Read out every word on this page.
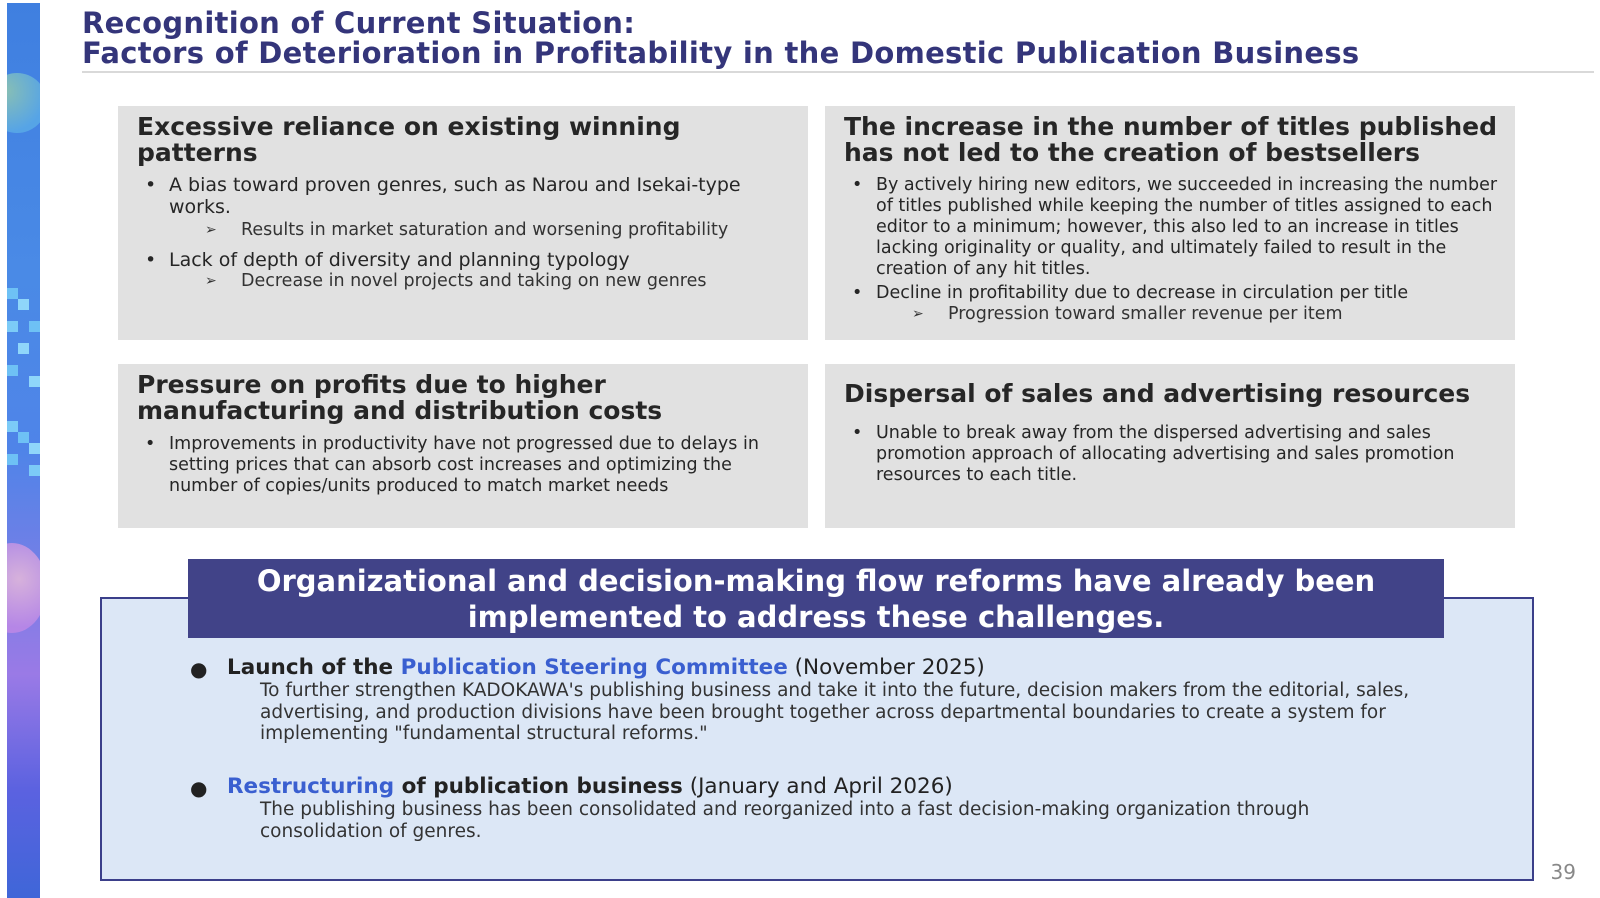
Recognition of Current Situation:
Factors of Deterioration in Profitability in the Domestic Publication Business
Excessive reliance on existing winning patterns
• A bias toward proven genres, such as Narou and Isekai-type works.
➢ Results in market saturation and worsening profitability
• Lack of depth of diversity and planning typology
➢ Decrease in novel projects and taking on new genres
The increase in the number of titles published has not led to the creation of bestsellers
• By actively hiring new editors, we succeeded in increasing the number of titles published while keeping the number of titles assigned to each editor to a minimum; however, this also led to an increase in titles lacking originality or quality, and ultimately failed to result in the creation of any hit titles.
• Decline in profitability due to decrease in circulation per title
➢ Progression toward smaller revenue per item
Pressure on profits due to higher manufacturing and distribution costs
• Improvements in productivity have not progressed due to delays in setting prices that can absorb cost increases and optimizing the number of copies/units produced to match market needs
Dispersal of sales and advertising resources
• Unable to break away from the dispersed advertising and sales promotion approach of allocating advertising and sales promotion resources to each title.
Organizational and decision-making flow reforms have already been
implemented to address these challenges.
● Launch of the Publication Steering Committee (November 2025)
To further strengthen KADOKAWA's publishing business and take it into the future, decision makers from the editorial, sales, advertising, and production divisions have been brought together across departmental boundaries to create a system for implementing "fundamental structural reforms."
● Restructuring of publication business (January and April 2026)
The publishing business has been consolidated and reorganized into a fast decision-making organization through consolidation of genres.
39
